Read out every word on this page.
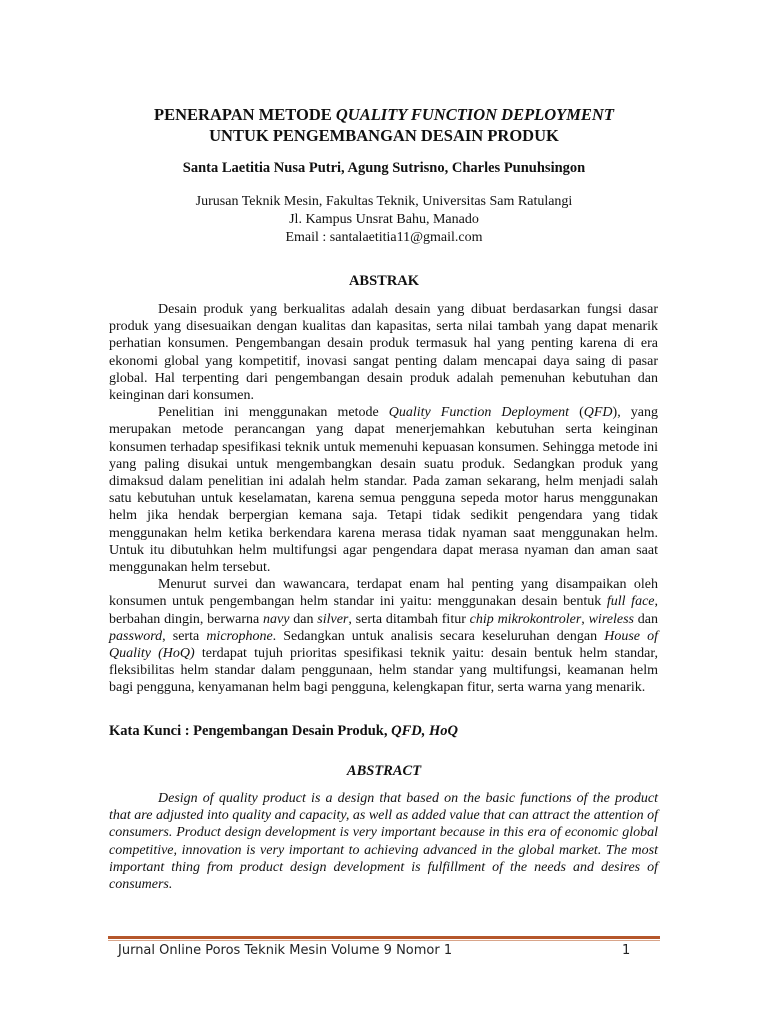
PENERAPAN METODE QUALITY FUNCTION DEPLOYMENT
UNTUK PENGEMBANGAN DESAIN PRODUK
Santa Laetitia Nusa Putri, Agung Sutrisno, Charles Punuhsingon
Jurusan Teknik Mesin, Fakultas Teknik, Universitas Sam Ratulangi
Jl. Kampus Unsrat Bahu, Manado
Email : santalaetitia11@gmail.com
ABSTRAK

Desain produk yang berkualitas adalah desain yang dibuat berdasarkan fungsi dasar produk yang disesuaikan dengan kualitas dan kapasitas, serta nilai tambah yang dapat menarik perhatian konsumen. Pengembangan desain produk termasuk hal yang penting karena di era ekonomi global yang kompetitif, inovasi sangat penting dalam mencapai daya saing di pasar global. Hal terpenting dari pengembangan desain produk adalah pemenuhan kebutuhan dan keinginan dari konsumen.

Penelitian ini menggunakan metode Quality Function Deployment (QFD), yang merupakan metode perancangan yang dapat menerjemahkan kebutuhan serta keinginan konsumen terhadap spesifikasi teknik untuk memenuhi kepuasan konsumen. Sehingga metode ini yang paling disukai untuk mengembangkan desain suatu produk. Sedangkan produk yang dimaksud dalam penelitian ini adalah helm standar. Pada zaman sekarang, helm menjadi salah satu kebutuhan untuk keselamatan, karena semua pengguna sepeda motor harus menggunakan helm jika hendak berpergian kemana saja. Tetapi tidak sedikit pengendara yang tidak menggunakan helm ketika berkendara karena merasa tidak nyaman saat menggunakan helm. Untuk itu dibutuhkan helm multifungsi agar pengendara dapat merasa nyaman dan aman saat menggunakan helm tersebut.

Menurut survei dan wawancara, terdapat enam hal penting yang disampaikan oleh konsumen untuk pengembangan helm standar ini yaitu: menggunakan desain bentuk full face, berbahan dingin, berwarna navy dan silver, serta ditambah fitur chip mikrokontroler, wireless dan password, serta microphone. Sedangkan untuk analisis secara keseluruhan dengan House of Quality (HoQ) terdapat tujuh prioritas spesifikasi teknik yaitu: desain bentuk helm standar, fleksibilitas helm standar dalam penggunaan, helm standar yang multifungsi, keamanan helm bagi pengguna, kenyamanan helm bagi pengguna, kelengkapan fitur, serta warna yang menarik.

Kata Kunci : Pengembangan Desain Produk, QFD, HoQ
ABSTRACT

Design of quality product is a design that based on the basic functions of the product that are adjusted into quality and capacity, as well as added value that can attract the attention of consumers. Product design development is very important because in this era of economic global competitive, innovation is very important to achieving advanced in the global market. The most important thing from product design development is fulfillment of the needs and desires of consumers.

Jurnal Online Poros Teknik Mesin Volume 9 Nomor 1	1
